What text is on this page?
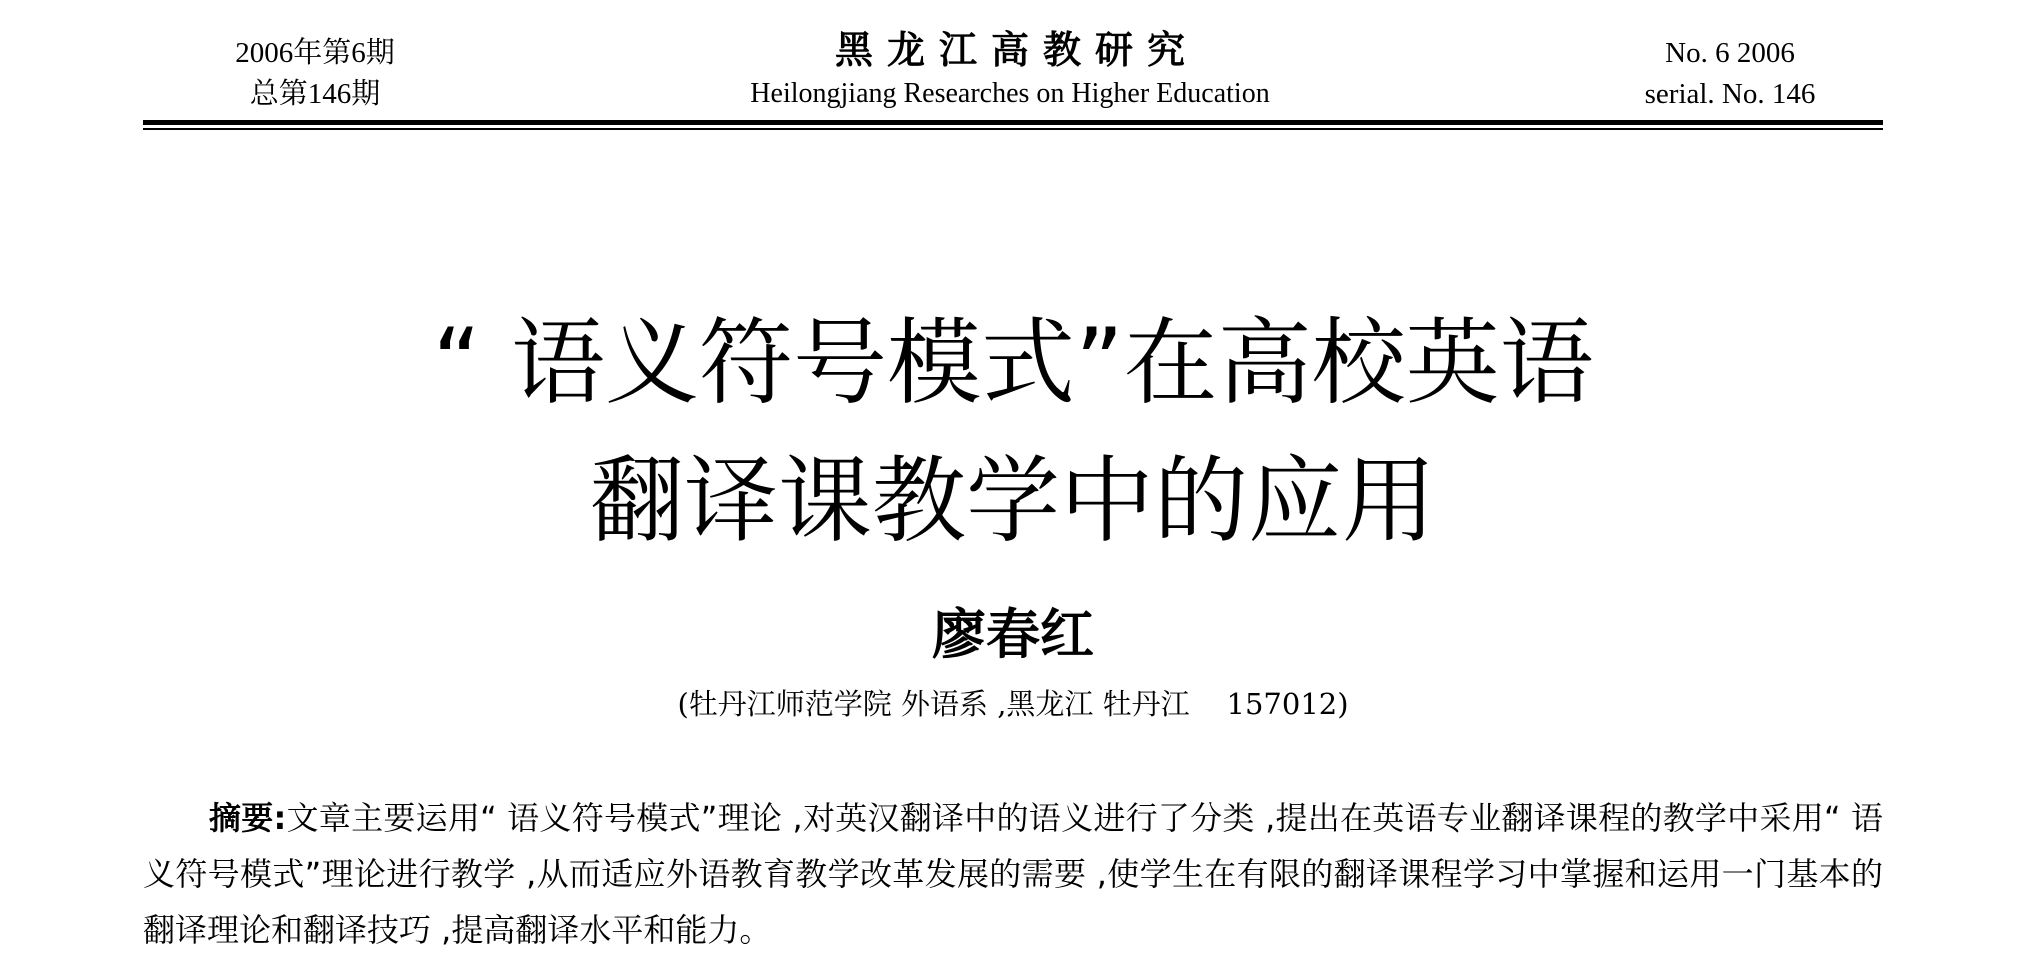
2006年第6期
总第146期
黑龙江高教研究
Heilongjiang Researches on Higher Education
No. 6 2006
serial. No. 146
“ 语义符号模式”在高校英语
翻译课教学中的应用
廖春红
(牡丹江师范学院 外语系 ,黑龙江 牡丹江    157012)

摘要:文章主要运用“ 语义符号模式”理论 ,对英汉翻译中的语义进行了分类 ,提出在英语专业翻译课程的教学中采用“ 语义符号模式”理论进行教学 ,从而适应外语教育教学改革发展的需要 ,使学生在有限的翻译课程学习中掌握和运用一门基本的翻译理论和翻译技巧 ,提高翻译水平和能力。
